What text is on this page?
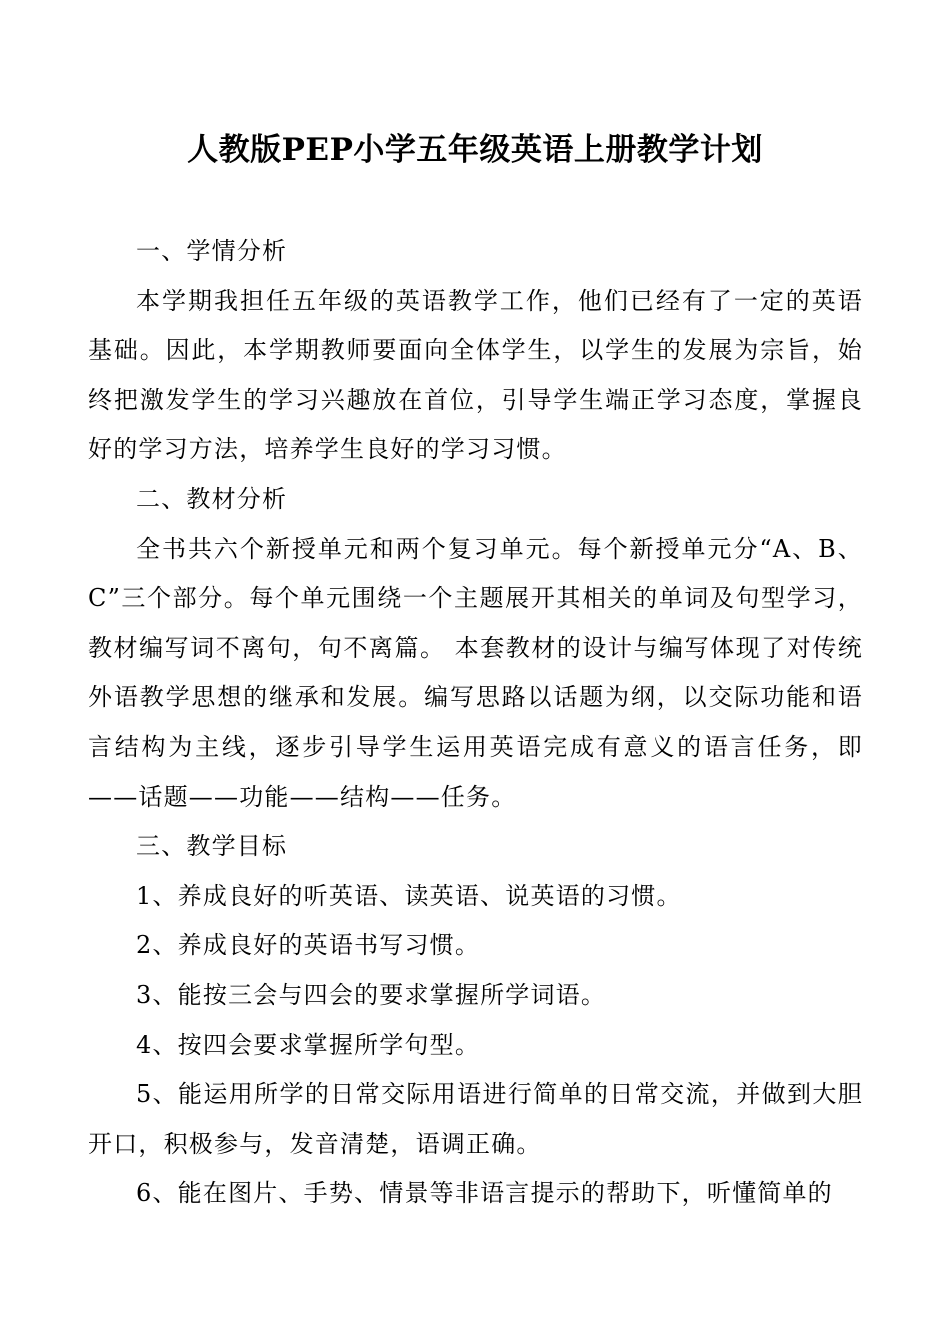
人教版PEP小学五年级英语上册教学计划

一、学情分析

本学期我担任五年级的英语教学工作，他们已经有了一定的英语基础。因此，本学期教师要面向全体学生，以学生的发展为宗旨，始终把激发学生的学习兴趣放在首位，引导学生端正学习态度，掌握良好的学习方法，培养学生良好的学习习惯。

二、教材分析

全书共六个新授单元和两个复习单元。每个新授单元分“A、B、C”三个部分。每个单元围绕一个主题展开其相关的单词及句型学习，教材编写词不离句，句不离篇。 本套教材的设计与编写体现了对传统外语教学思想的继承和发展。编写思路以话题为纲，以交际功能和语言结构为主线，逐步引导学生运用英语完成有意义的语言任务，即——话题——功能——结构——任务。

三、教学目标

1、养成良好的听英语、读英语、说英语的习惯。

2、养成良好的英语书写习惯。

3、能按三会与四会的要求掌握所学词语。

4、按四会要求掌握所学句型。

5、能运用所学的日常交际用语进行简单的日常交流，并做到大胆开口，积极参与，发音清楚，语调正确。

6、能在图片、手势、情景等非语言提示的帮助下，听懂简单的
